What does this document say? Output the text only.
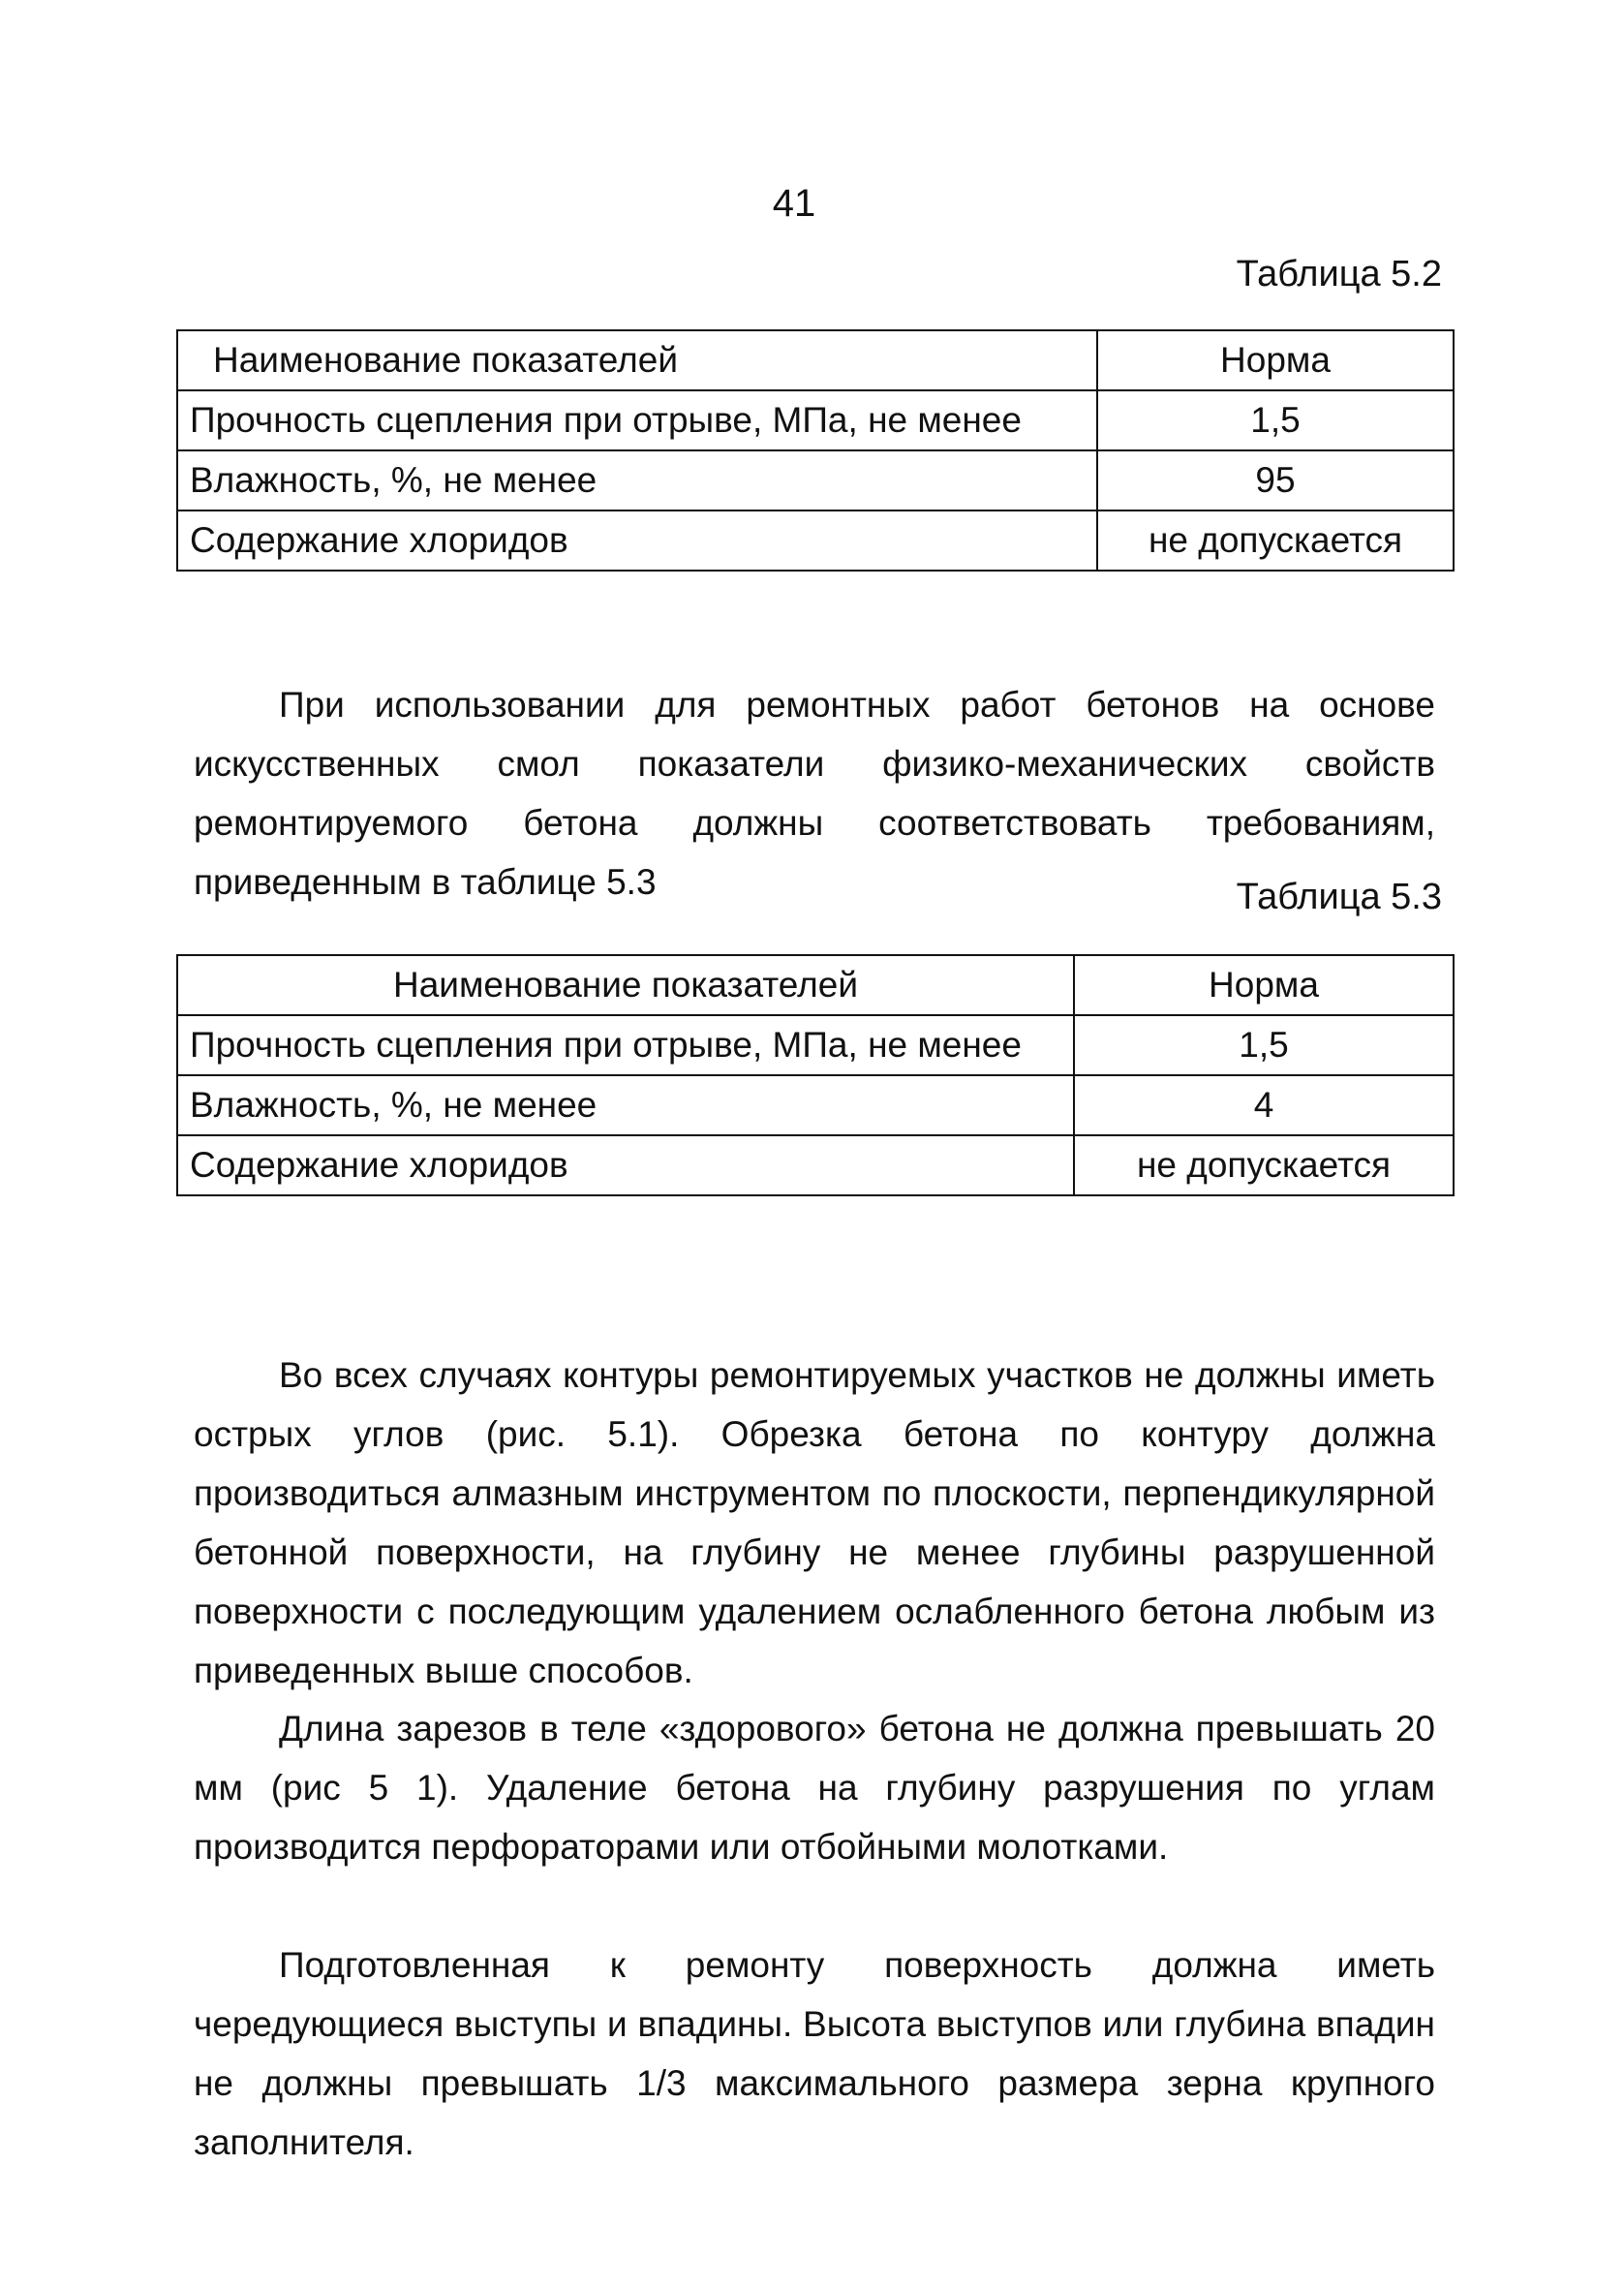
41
Таблица 5.2
Наименование показателей	Норма
Прочность сцепления при отрыве, МПа, не менее	1,5
Влажность, %, не менее	95
Содержание хлоридов	не допускается

При использовании для ремонтных работ бетонов на основе искусственных смол показатели физико-механических свойств ремонтируемого бетона должны соответствовать требованиям, приведенным в таблице 5.3	Таблица 5.3
Наименование показателей	Норма
Прочность сцепления при отрыве, МПа, не менее	1,5
Влажность, %, не менее	4
Содержание хлоридов	не допускается

Во всех случаях контуры ремонтируемых участков не должны иметь острых углов (рис. 5.1). Обрезка бетона по контуру должна производиться алмазным инструментом по плоскости, перпендикулярной бетонной поверхности, на глубину не менее глубины разрушенной поверхности с последующим удалением ослабленного бетона любым из приведенных выше способов.

Длина зарезов в теле «здорового» бетона не должна превышать 20 мм (рис 5 1). Удаление бетона на глубину разрушения по углам производится перфораторами или отбойными молотками.

Подготовленная к ремонту поверхность должна иметь чередующиеся выступы и впадины. Высота выступов или глубина впадин не должны превышать 1/3 максимального размера зерна крупного заполнителя.
